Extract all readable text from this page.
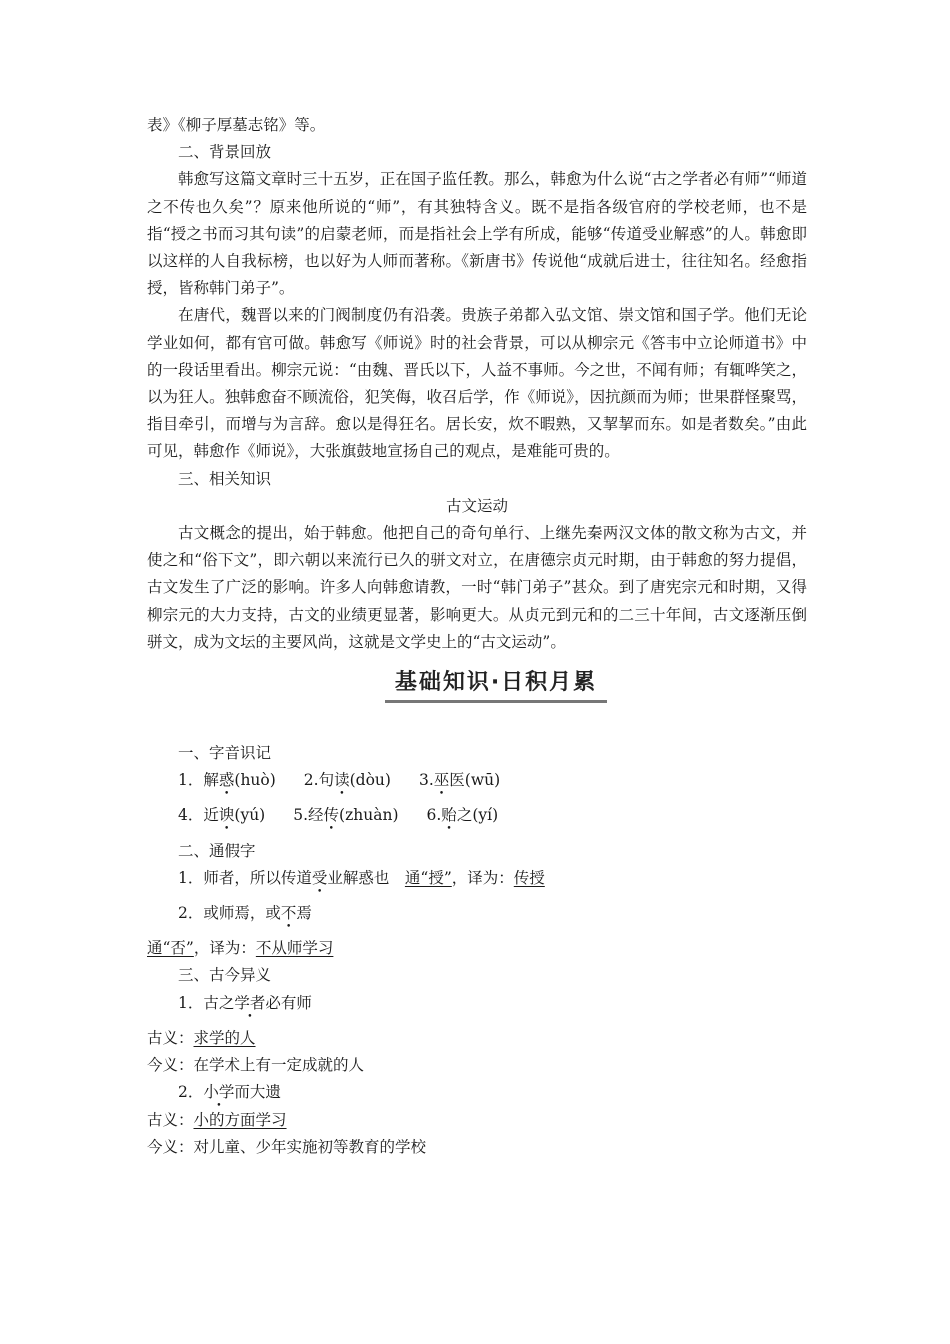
表》《柳子厚墓志铭》等。

二、背景回放

韩愈写这篇文章时三十五岁，正在国子监任教。那么，韩愈为什么说“古之学者必有师”“师道之不传也久矣”？原来他所说的“师”，有其独特含义。既不是指各级官府的学校老师，也不是指“授之书而习其句读”的启蒙老师，而是指社会上学有所成，能够“传道受业解惑”的人。韩愈即以这样的人自我标榜，也以好为人师而著称。《新唐书》传说他“成就后进士，往往知名。经愈指授，皆称韩门弟子”。

在唐代，魏晋以来的门阀制度仍有沿袭。贵族子弟都入弘文馆、崇文馆和国子学。他们无论学业如何，都有官可做。韩愈写《师说》时的社会背景，可以从柳宗元《答韦中立论师道书》中的一段话里看出。柳宗元说：“由魏、晋氏以下，人益不事师。今之世，不闻有师；有辄哗笑之，以为狂人。独韩愈奋不顾流俗，犯笑侮，收召后学，作《师说》，因抗颜而为师；世果群怪聚骂，指目牵引，而增与为言辞。愈以是得狂名。居长安，炊不暇熟，又挈挈而东。如是者数矣。”由此可见，韩愈作《师说》，大张旗鼓地宣扬自己的观点，是难能可贵的。

三、相关知识

古文运动

古文概念的提出，始于韩愈。他把自己的奇句单行、上继先秦两汉文体的散文称为古文，并使之和“俗下文”，即六朝以来流行已久的骈文对立，在唐德宗贞元时期，由于韩愈的努力提倡，古文发生了广泛的影响。许多人向韩愈请教，一时“韩门弟子”甚众。到了唐宪宗元和时期，又得柳宗元的大力支持，古文的业绩更显著，影响更大。从贞元到元和的二三十年间，古文逐渐压倒骈文，成为文坛的主要风尚，这就是文学史上的“古文运动”。

基础知识·日积月累

一、字音识记

1．解惑(huò) 2.句读(dòu) 3.巫医(wū)

4．近谀(yú) 5.经传(zhuàn) 6.贻之(yí)

二、通假字

1．师者，所以传道受业解惑也　通“授”，译为：传授

2．或师焉，或不焉

通“否”，译为：不从师学习

三、古今异义

1．古之学者必有师

古义：求学的人

今义：在学术上有一定成就的人

2．小学而大遗

古义：小的方面学习

今义：对儿童、少年实施初等教育的学校
